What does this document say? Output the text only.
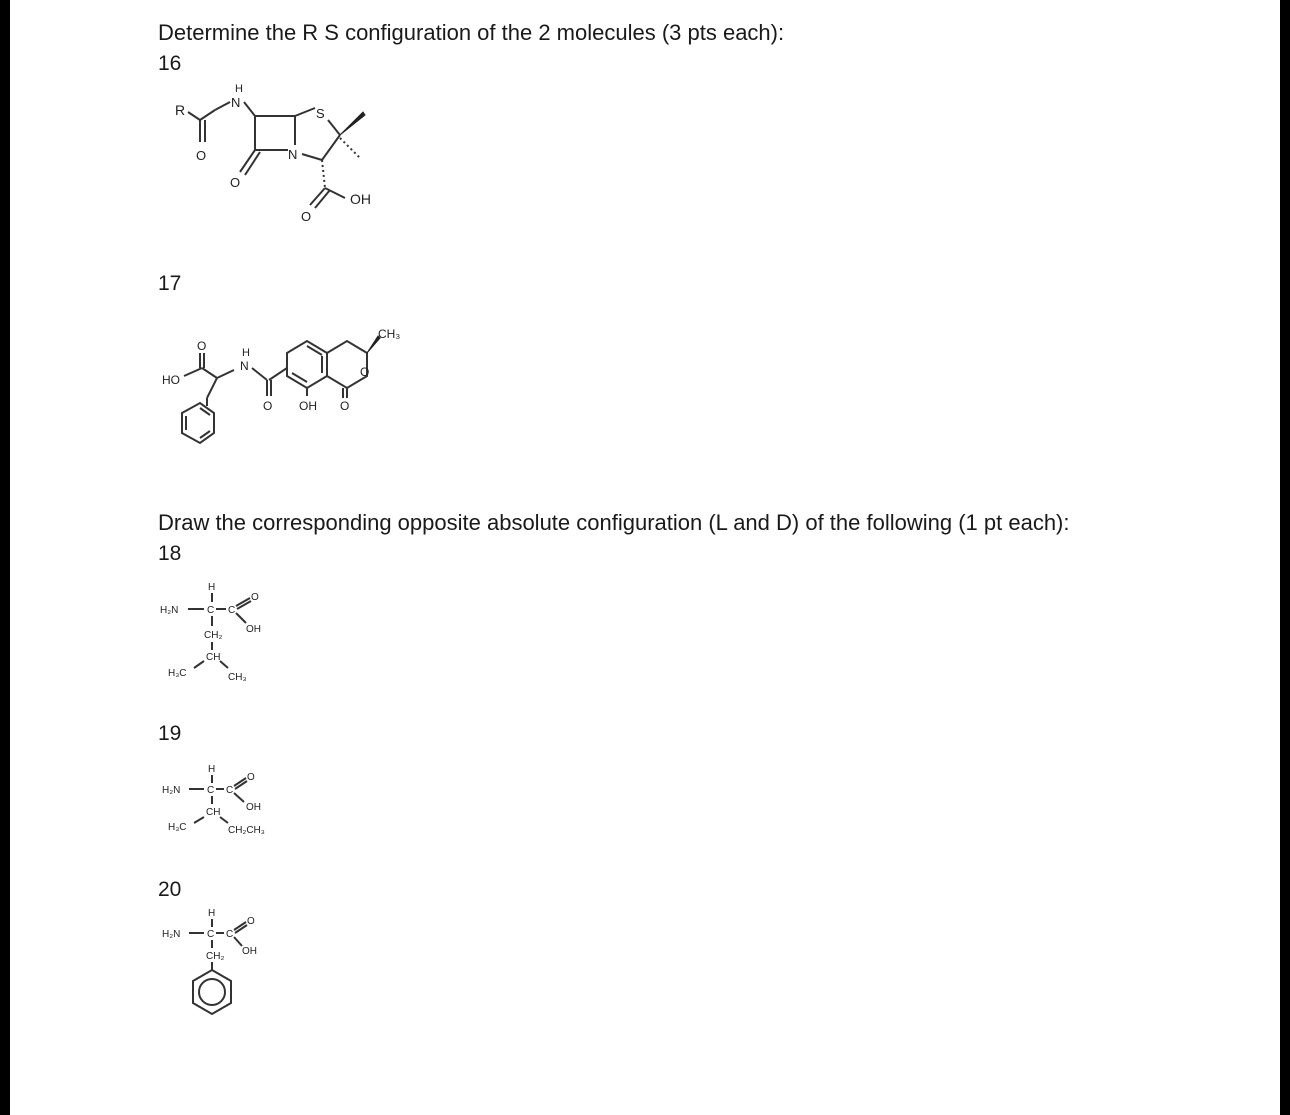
Determine the R S configuration of the 2 molecules (3 pts each):
16
R
O
H
N
O
N
S
O
OH
17
O
HO
H
N
O OH O
O
CH₃
Draw the corresponding opposite absolute configuration (L and D) of the following (1 pt each):
18
H
H₂N	C C
O
OH
CH₂
CH
H₃C	CH₃
19
H
H₂N	C C
O
OH
CH
H₃C	CH₂CH₃
20
H
H₂N	C C
O
OH
CH₂
